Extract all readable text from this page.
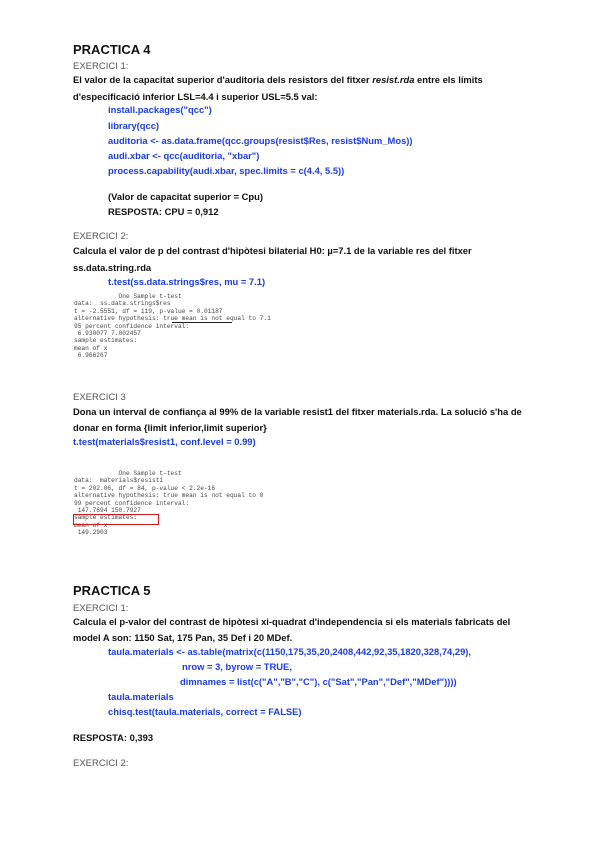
PRACTICA 4
EXERCICI 1:
El valor de la capacitat superior d'auditoria dels resistors del fitxer resist.rda entre els límits
d'especificació inferior LSL=4.4 i superior USL=5.5 val:
install.packages("qcc")
library(qcc)
auditoria <- as.data.frame(qcc.groups(resist$Res, resist$Num_Mos))
audi.xbar <- qcc(auditoria, "xbar")
process.capability(audi.xbar, spec.limits = c(4.4, 5.5))
(Valor de capacitat superior = Cpu)
RESPOSTA: CPU = 0,912
EXERCICI 2:
Calcula el valor de p del contrast d'hipòtesi bilaterial H0: µ=7.1 de la variable res del fitxer
ss.data.string.rda
t.test(ss.data.strings$res, mu = 7.1)
One Sample t-test
data:  ss.data.strings$res
t = -2.5551, df = 119, p-value = 0.01187
alternative hypothesis: true mean is not equal to 7.1
95 percent confidence interval:
6.930077 7.002457
sample estimates:
mean of x
6.966267
EXERCICI 3
Dona un interval de confiança al 99% de la variable resist1 del fitxer materials.rda. La solució s'ha de
donar en forma {limit inferior,limit superior}
t.test(materials$resist1, conf.level = 0.99)
One Sample t-test
data:  materials$resist1
t = 202.06, df = 84, p-value < 2.2e-16
alternative hypothesis: true mean is not equal to 0
99 percent confidence interval:
147.7694 150.7927
sample estimates:
mean of x
149.2903
PRACTICA 5
EXERCICI 1:
Calcula el p-valor del contrast de hipòtesi xi-quadrat d'independencia si els materials fabricats del
model A son: 1150 Sat, 175 Pan, 35 Def i 20 MDef.
taula.materials <- as.table(matrix(c(1150,175,35,20,2408,442,92,35,1820,328,74,29),
nrow = 3, byrow = TRUE,
dimnames = list(c("A","B","C"), c("Sat","Pan","Def","MDef"))))
taula.materials
chisq.test(taula.materials, correct = FALSE)
RESPOSTA: 0,393
EXERCICI 2:
